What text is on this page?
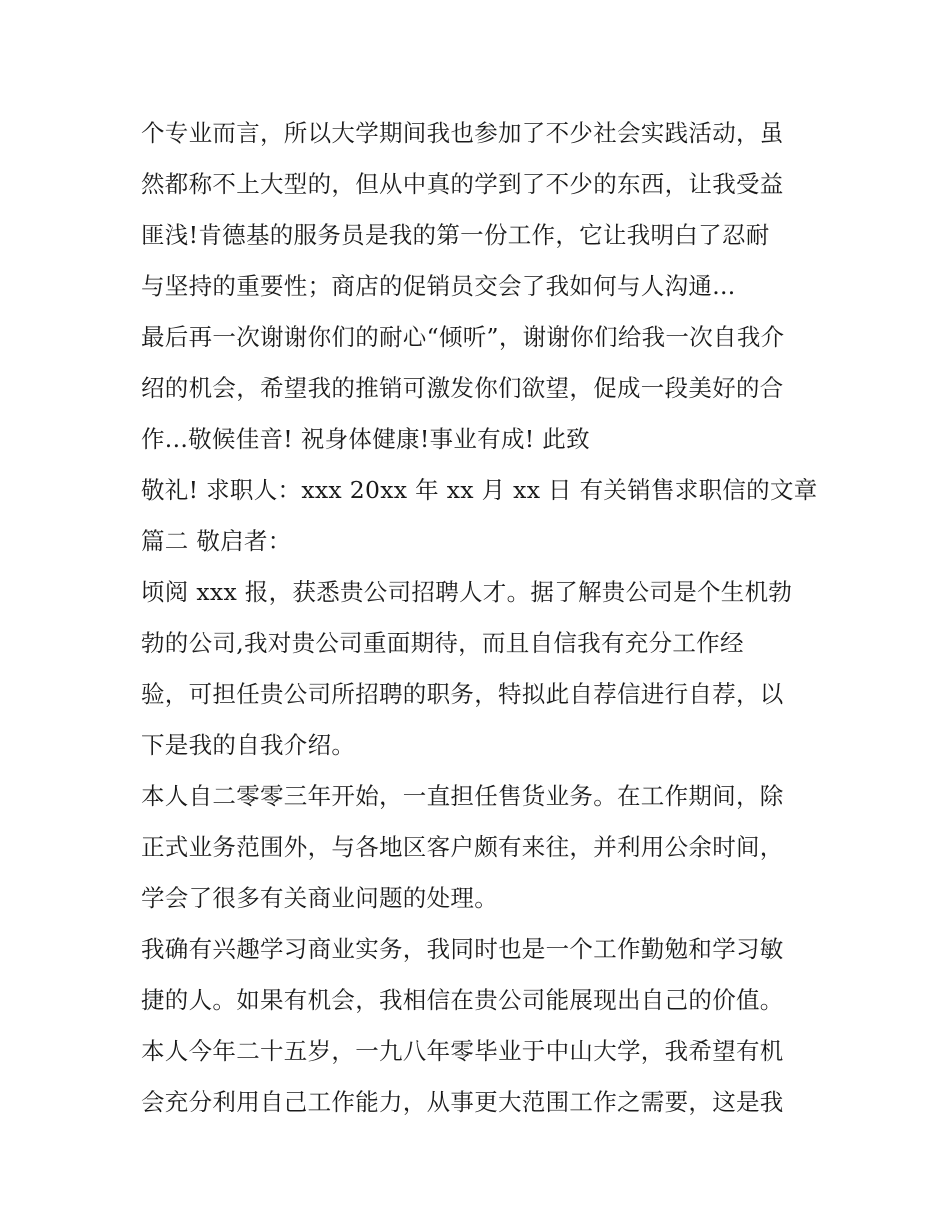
个专业而言，所以大学期间我也参加了不少社会实践活动，虽
然都称不上大型的，但从中真的学到了不少的东西，让我受益
匪浅!肯德基的服务员是我的第一份工作，它让我明白了忍耐
与坚持的重要性；商店的促销员交会了我如何与人沟通...
最后再一次谢谢你们的耐心“倾听”，谢谢你们给我一次自我介
绍的机会，希望我的推销可激发你们欲望，促成一段美好的合
作...敬候佳音! 祝身体健康!事业有成! 此致
敬礼! 求职人：xxx 20xx 年 xx 月 xx 日 有关销售求职信的文章
篇二 敬启者：
顷阅 xxx 报，获悉贵公司招聘人才。据了解贵公司是个生机勃
勃的公司,我对贵公司重面期待，而且自信我有充分工作经
验，可担任贵公司所招聘的职务，特拟此自荐信进行自荐，以
下是我的自我介绍。
本人自二零零三年开始，一直担任售货业务。在工作期间，除
正式业务范围外，与各地区客户颇有来往，并利用公余时间，
学会了很多有关商业问题的处理。
我确有兴趣学习商业实务，我同时也是一个工作勤勉和学习敏
捷的人。如果有机会，我相信在贵公司能展现出自己的价值。
本人今年二十五岁，一九八年零毕业于中山大学，我希望有机
会充分利用自己工作能力，从事更大范围工作之需要，这是我
